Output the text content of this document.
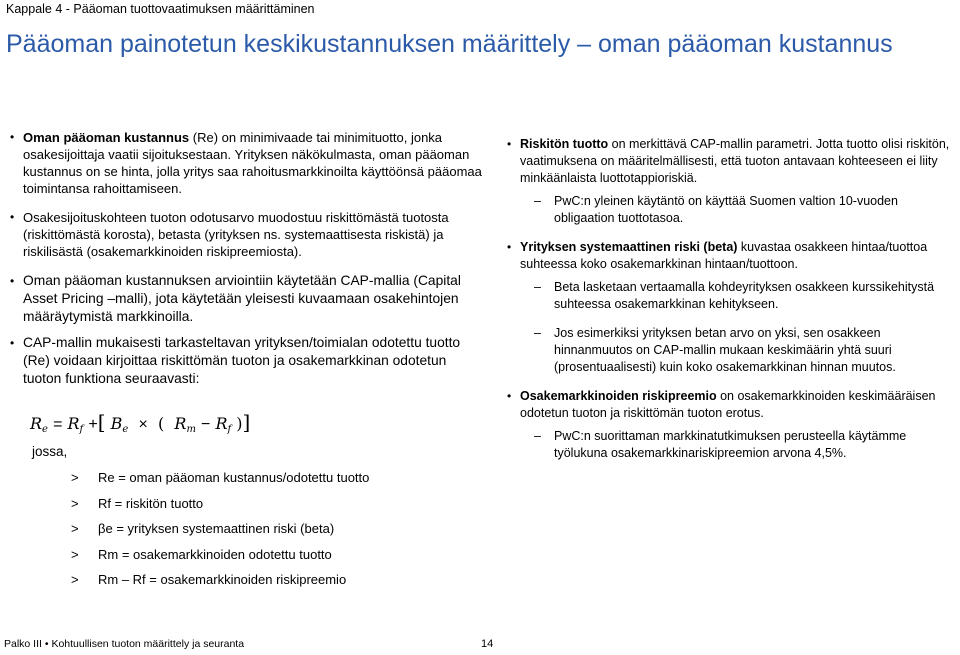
Kappale 4 - Pääoman tuottovaatimuksen määrittäminen
Pääoman painotetun keskikustannuksen määrittely – oman pääoman kustannus
• Oman pääoman kustannus (Re) on minimivaade tai minimituotto, jonka osakesijoittaja vaatii sijoituksestaan. Yrityksen näkökulmasta, oman pääoman kustannus on se hinta, jolla yritys saa rahoitusmarkkinoilta käyttöönsä pääomaa toimintansa rahoittamiseen.
• Osakesijoituskohteen tuoton odotusarvo muodostuu riskittömästä tuotosta (riskittömästä korosta), betasta (yrityksen ns. systemaattisesta riskistä) ja riskilisästä (osakemarkkinoiden riskipreemiosta).
• Oman pääoman kustannuksen arviointiin käytetään CAP-mallia (Capital Asset Pricing –malli), jota käytetään yleisesti kuvaamaan osakehintojen määräytymistä markkinoilla.
• CAP-mallin mukaisesti tarkasteltavan yrityksen/toimialan odotettu tuotto (Re) voidaan kirjoittaa riskittömän tuoton ja osakemarkkinan odotetun tuoton funktiona seuraavasti:
$R_e = R_f$ +[ $B_e$ × ( $R_m - R_f$ )]
jossa,
> Re = oman pääoman kustannus/odotettu tuotto
> Rf = riskitön tuotto
> βe = yrityksen systemaattinen riski (beta)
> Rm = osakemarkkinoiden odotettu tuotto
> Rm – Rf = osakemarkkinoiden riskipreemio
• Riskitön tuotto on merkittävä CAP-mallin parametri. Jotta tuotto olisi riskitön, vaatimuksena on määritelmällisesti, että tuoton antavaan kohteeseen ei liity minkäänlaista luottotappioriskiä.
– PwC:n yleinen käytäntö on käyttää Suomen valtion 10-vuoden obligaation tuottotasoa.
• Yrityksen systemaattinen riski (beta) kuvastaa osakkeen hintaa/tuottoa suhteessa koko osakemarkkinan hintaan/tuottoon.
– Beta lasketaan vertaamalla kohdeyrityksen osakkeen kurssikehitystä suhteessa osakemarkkinan kehitykseen.
– Jos esimerkiksi yrityksen betan arvo on yksi, sen osakkeen hinnanmuutos on CAP-mallin mukaan keskimäärin yhtä suuri (prosentuaalisesti) kuin koko osakemarkkinan hinnan muutos.
• Osakemarkkinoiden riskipreemio on osakemarkkinoiden keskimääräisen odotetun tuoton ja riskittömän tuoton erotus.
– PwC:n suorittaman markkinatutkimuksen perusteella käytämme työlukuna osakemarkkinariskipreemion arvona 4,5%.
Palko III • Kohtuullisen tuoton määrittely ja seuranta	14
